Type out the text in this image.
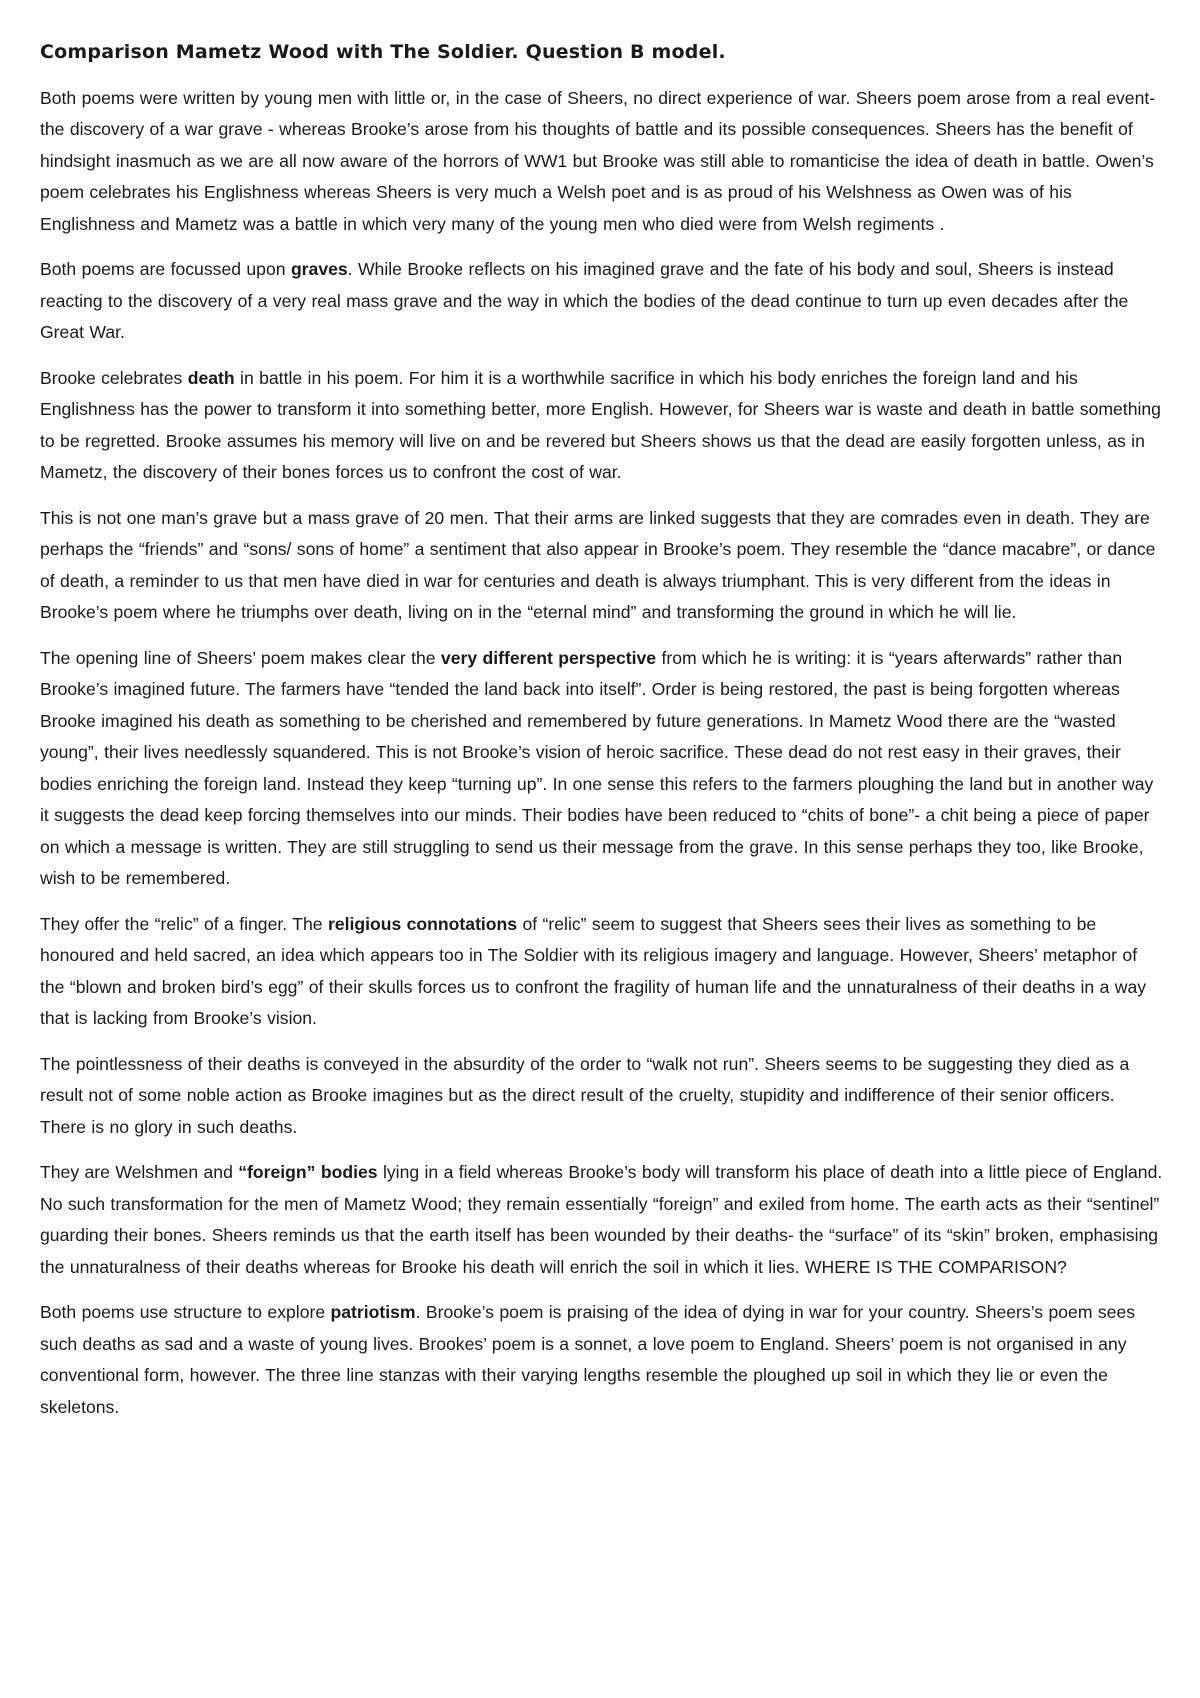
Comparison Mametz Wood with The Soldier. Question B model.

Both poems were written by young men with little or, in the case of Sheers, no direct experience of war. Sheers poem arose from a real event- the discovery of a war grave - whereas Brooke’s arose from his thoughts of battle and its possible consequences. Sheers has the benefit of hindsight inasmuch as we are all now aware of the horrors of WW1 but Brooke was still able to romanticise the idea of death in battle. Owen’s poem celebrates his Englishness whereas Sheers is very much a Welsh poet and is as proud of his Welshness as Owen was of his Englishness and Mametz was a battle in which very many of the young men who died were from Welsh regiments .

Both poems are focussed upon graves. While Brooke reflects on his imagined grave and the fate of his body and soul, Sheers is instead reacting to the discovery of a very real mass grave and the way in which the bodies of the dead continue to turn up even decades after the Great War.

Brooke celebrates death in battle in his poem. For him it is a worthwhile sacrifice in which his body enriches the foreign land and his Englishness has the power to transform it into something better, more English. However, for Sheers war is waste and death in battle something to be regretted. Brooke assumes his memory will live on and be revered but Sheers shows us that the dead are easily forgotten unless, as in Mametz, the discovery of their bones forces us to confront the cost of war.

This is not one man’s grave but a mass grave of 20 men. That their arms are linked suggests that they are comrades even in death. They are perhaps the “friends” and “sons/ sons of home” a sentiment that also appear in Brooke’s poem. They resemble the “dance macabre”, or dance of death, a reminder to us that men have died in war for centuries and death is always triumphant. This is very different from the ideas in Brooke’s poem where he triumphs over death, living on in the “eternal mind” and transforming the ground in which he will lie.

The opening line of Sheers’ poem makes clear the very different perspective from which he is writing: it is “years afterwards” rather than Brooke’s imagined future. The farmers have “tended the land back into itself”. Order is being restored, the past is being forgotten whereas Brooke imagined his death as something to be cherished and remembered by future generations. In Mametz Wood there are the “wasted young”, their lives needlessly squandered. This is not Brooke’s vision of heroic sacrifice. These dead do not rest easy in their graves, their bodies enriching the foreign land. Instead they keep “turning up”. In one sense this refers to the farmers ploughing the land but in another way it suggests the dead keep forcing themselves into our minds. Their bodies have been reduced to “chits of bone”- a chit being a piece of paper on which a message is written. They are still struggling to send us their message from the grave. In this sense perhaps they too, like Brooke, wish to be remembered.

They offer the “relic” of a finger. The religious connotations of “relic” seem to suggest that Sheers sees their lives as something to be honoured and held sacred, an idea which appears too in The Soldier with its religious imagery and language. However, Sheers’ metaphor of the “blown and broken bird’s egg” of their skulls forces us to confront the fragility of human life and the unnaturalness of their deaths in a way that is lacking from Brooke’s vision.

The pointlessness of their deaths is conveyed in the absurdity of the order to “walk not run”. Sheers seems to be suggesting they died as a result not of some noble action as Brooke imagines but as the direct result of the cruelty, stupidity and indifference of their senior officers. There is no glory in such deaths.

They are Welshmen and “foreign” bodies lying in a field whereas Brooke’s body will transform his place of death into a little piece of England. No such transformation for the men of Mametz Wood; they remain essentially “foreign” and exiled from home. The earth acts as their “sentinel” guarding their bones. Sheers reminds us that the earth itself has been wounded by their deaths- the “surface” of its “skin” broken, emphasising the unnaturalness of their deaths whereas for Brooke his death will enrich the soil in which it lies. WHERE IS THE COMPARISON?

Both poems use structure to explore patriotism. Brooke’s poem is praising of the idea of dying in war for your country. Sheers’s poem sees such deaths as sad and a waste of young lives. Brookes’ poem is a sonnet, a love poem to England. Sheers’ poem is not organised in any conventional form, however. The three line stanzas with their varying lengths resemble the ploughed up soil in which they lie or even the skeletons.
